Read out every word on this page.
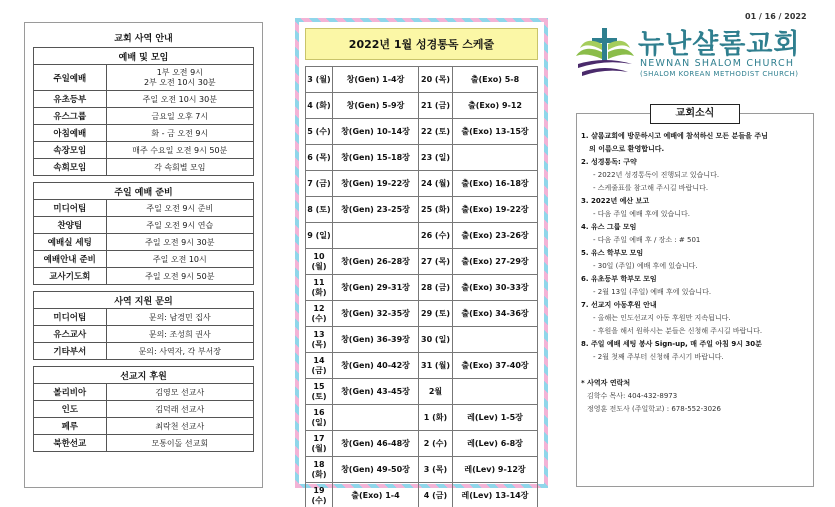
교회 사역 안내
예배 및 모임	
주일예배	1부 오전 9시
2부 오전 10시 30분

유초등부	주일 오전 10시 30분
유스그룹	금요일 오후 7시
아침예배	화 - 금 오전 9시
속장모임	매주 수요일 오전 9시 50분
속회모임	각 속회별 모임
주일 예배 준비	
미디어팀	주일 오전 9시 준비
찬양팀	주일 오전 9시 연습
예배실 세팅	주일 오전 9시 30분
예배안내 준비	주일 오전 10시
교사기도회	주일 오전 9시 50분
사역 지원 문의	
미디어팀	문의: 남경민 집사
유스교사	문의: 조성희 권사
기타부서	문의: 사역자, 각 부서장
선교지 후원	
볼리비아	김영모 선교사
인도	김덕래 선교사
페루	최락천 선교사
북한선교	모통이돌 선교회
2022년 1월 성경통독 스케줄
3 (월)	창(Gen) 1-4장	20 (목)	출(Exo) 5-8
4 (화)	창(Gen) 5-9장	21 (금)	출(Exo) 9-12
5 (수)	창(Gen) 10-14장	22 (토)	출(Exo) 13-15장
6 (목)	창(Gen) 15-18장	23 (일)	
7 (금)	창(Gen) 19-22장	24 (월)	출(Exo) 16-18장
8 (토)	창(Gen) 23-25장	25 (화)	출(Exo) 19-22장
9 (일)		26 (수)	출(Exo) 23-26장
10 (월)	창(Gen) 26-28장	27 (목)	출(Exo) 27-29장
11 (화)	창(Gen) 29-31장	28 (금)	출(Exo) 30-33장
12 (수)	창(Gen) 32-35장	29 (토)	출(Exo) 34-36장
13 (목)	창(Gen) 36-39장	30 (일)	
14 (금)	창(Gen) 40-42장	31 (월)	출(Exo) 37-40장
15 (토)	창(Gen) 43-45장	2월	
16 (일)		1 (화)	레(Lev) 1-5장
17 (월)	창(Gen) 46-48장	2 (수)	레(Lev) 6-8장
18 (화)	창(Gen) 49-50장	3 (목)	레(Lev) 9-12장
19 (수)	출(Exo) 1-4	4 (금)	레(Lev) 13-14장
01 / 16 / 2022
뉴난샬롬교회
NEWNAN SHALOM CHURCH
(SHALOM KOREAN METHODIST CHURCH)
교회소식
1. 샬롬교회에 방문하시고 예배에 참석하신 모든 분들을 주님
의 이름으로 환영합니다.
2. 성경통독: 구약
- 2022년 성경통독이 진행되고 있습니다.
- 스케줄표를 참고해 주시길 바랍니다.
3. 2022년 예산 보고
- 다음 주일 예배 후에 있습니다.
4. 유스 그룹 모임
- 다음 주일 예배 후 / 장소 : # 501
5. 유스 학부모 모임
- 30일 (주일) 예배 후에 있습니다.
6. 유초등부 학부모 모임
- 2월 13일 (주일) 예배 후에 있습니다.
7. 선교지 아동후원 안내
- 올해는 인도선교지 아동 후원만 지속됩니다.
- 후원을 해서 원하시는 분들은 신청해 주시길 바랍니다.
8. 주일 예배 세팅 봉사 Sign-up, 매 주일 아침 9시 30분
- 2월 첫째 주부터 신청해 주시기 바랍니다.
* 사역자 연락처
김학수 목사: 404-432-8973
정영훈 전도사 (주일학교) : 678-552-3026
